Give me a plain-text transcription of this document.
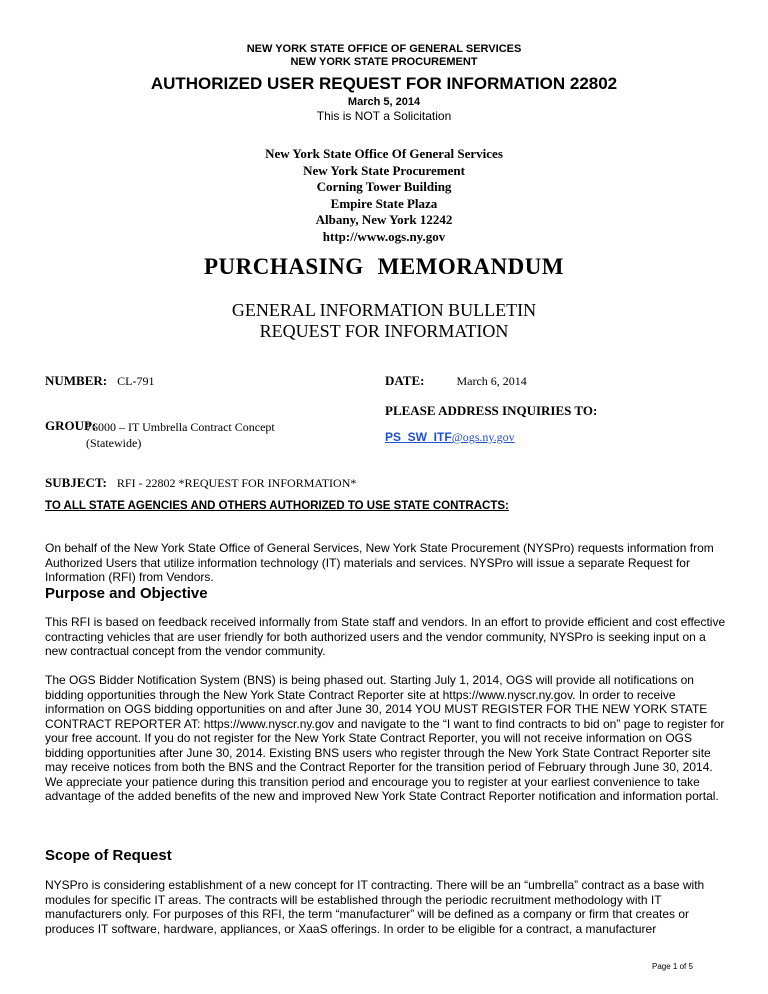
NEW YORK STATE OFFICE OF GENERAL SERVICES
NEW YORK STATE PROCUREMENT
AUTHORIZED USER REQUEST FOR INFORMATION 22802
March 5, 2014
This is NOT a Solicitation
New York State Office Of General Services
New York State Procurement
Corning Tower Building
Empire State Plaza
Albany, New York 12242
http://www.ogs.ny.gov
PURCHASING MEMORANDUM
GENERAL INFORMATION BULLETIN
REQUEST FOR INFORMATION
NUMBER: CL-791	DATE:	March 6, 2014
PLEASE ADDRESS INQUIRIES TO:
GROUP:
76000 – IT Umbrella Contract Concept
(Statewide)	PS_SW_ITF@ogs.ny.gov
SUBJECT: RFI - 22802 *REQUEST FOR INFORMATION*
TO ALL STATE AGENCIES AND OTHERS AUTHORIZED TO USE STATE CONTRACTS:

On behalf of the New York State Office of General Services, New York State Procurement (NYSPro) requests information from Authorized Users that utilize information technology (IT) materials and services. NYSPro will issue a separate Request for Information (RFI) from Vendors.

Purpose and Objective

This RFI is based on feedback received informally from State staff and vendors. In an effort to provide efficient and cost effective contracting vehicles that are user friendly for both authorized users and the vendor community, NYSPro is seeking input on a new contractual concept from the vendor community.

The OGS Bidder Notification System (BNS) is being phased out. Starting July 1, 2014, OGS will provide all notifications on bidding opportunities through the New York State Contract Reporter site at https://www.nyscr.ny.gov. In order to receive information on OGS bidding opportunities on and after June 30, 2014 YOU MUST REGISTER FOR THE NEW YORK STATE CONTRACT REPORTER AT: https://www.nyscr.ny.gov and navigate to the “I want to find contracts to bid on” page to register for your free account. If you do not register for the New York State Contract Reporter, you will not receive information on OGS bidding opportunities after June 30, 2014. Existing BNS users who register through the New York State Contract Reporter site may receive notices from both the BNS and the Contract Reporter for the transition period of February through June 30, 2014. We appreciate your patience during this transition period and encourage you to register at your earliest convenience to take advantage of the added benefits of the new and improved New York State Contract Reporter notification and information portal.

Scope of Request

NYSPro is considering establishment of a new concept for IT contracting. There will be an “umbrella” contract as a base with modules for specific IT areas. The contracts will be established through the periodic recruitment methodology with IT manufacturers only. For purposes of this RFI, the term “manufacturer” will be defined as a company or firm that creates or produces IT software, hardware, appliances, or XaaS offerings. In order to be eligible for a contract, a manufacturer

Page 1 of 5
